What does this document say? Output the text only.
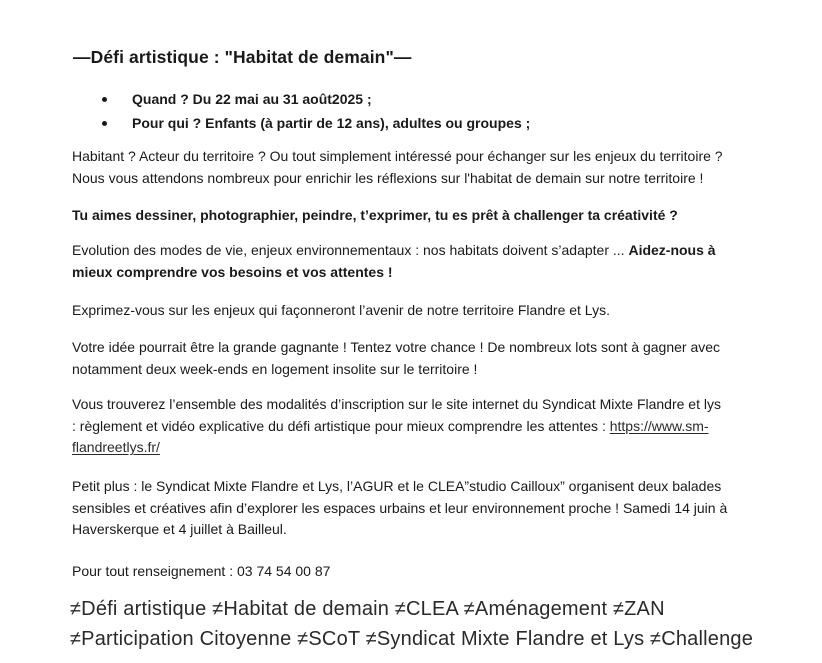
—Défi artistique : "Habitat de demain"—
Quand ? Du 22 mai au 31 août2025 ;
Pour qui ? Enfants (à partir de 12 ans), adultes ou groupes ;

Habitant ? Acteur du territoire ? Ou tout simplement intéressé pour échanger sur les enjeux du territoire ?
Nous vous attendons nombreux pour enrichir les réflexions sur l'habitat de demain sur notre territoire !

Tu aimes dessiner, photographier, peindre, t’exprimer, tu es prêt à challenger ta créativité ?

Evolution des modes de vie, enjeux environnementaux : nos habitats doivent s’adapter ... Aidez-nous à
mieux comprendre vos besoins et vos attentes !

Exprimez-vous sur les enjeux qui façonneront l’avenir de notre territoire Flandre et Lys.

Votre idée pourrait être la grande gagnante ! Tentez votre chance ! De nombreux lots sont à gagner avec
notamment deux week-ends en logement insolite sur le territoire !

Vous trouverez l’ensemble des modalités d’inscription sur le site internet du Syndicat Mixte Flandre et lys
: règlement et vidéo explicative du défi artistique pour mieux comprendre les attentes : https://www.sm-
flandreetlys.fr/

Petit plus : le Syndicat Mixte Flandre et Lys, l’AGUR et le CLEA”studio Cailloux” organisent deux balades
sensibles et créatives afin d’explorer les espaces urbains et leur environnement proche ! Samedi 14 juin à
Haverskerque et 4 juillet à Bailleul.

Pour tout renseignement : 03 74 54 00 87

≠Défi artistique ≠Habitat de demain ≠CLEA ≠Aménagement ≠ZAN
≠Participation Citoyenne ≠SCoT ≠Syndicat Mixte Flandre et Lys ≠Challenge
